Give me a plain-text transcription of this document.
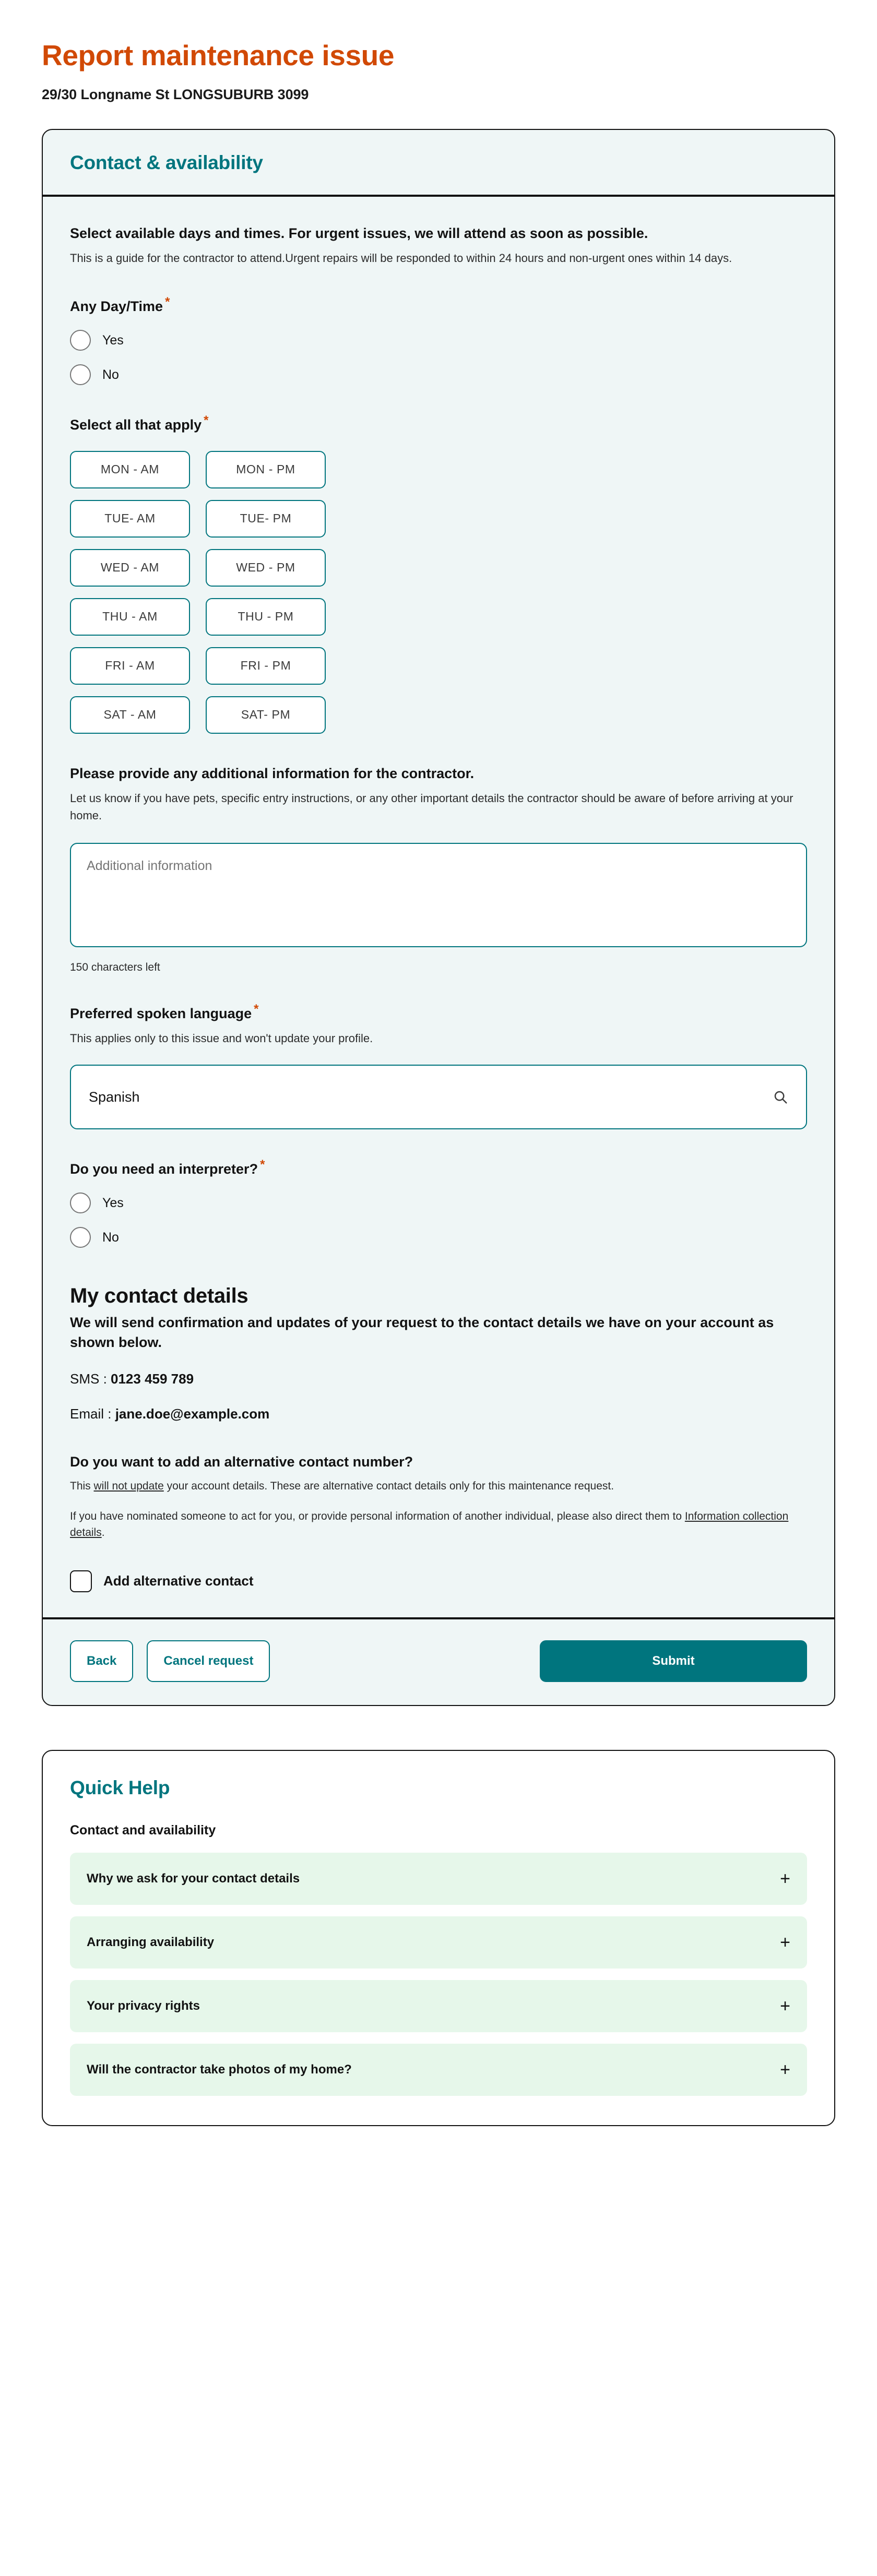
Report maintenance issue
29/30 Longname St LONGSUBURB 3099
Contact & availability
Select available days and times. For urgent issues, we will attend as soon as possible.
This is a guide for the contractor to attend.Urgent repairs will be responded to within 24 hours and non-urgent ones within 14 days.
Any Day/Time *
Yes
No
Select all that apply *
MON - AM	MON - PM
TUE- AM	TUE- PM
WED - AM	WED - PM
THU - AM	THU - PM
FRI - AM	FRI - PM
SAT - AM	SAT- PM
Please provide any additional information for the contractor.
Let us know if you have pets, specific entry instructions, or any other important details the contractor should be aware of before arriving at your home.
Additional information
150 characters left
Preferred spoken language *
This applies only to this issue and won't update your profile.
Spanish
Do you need an interpreter? *
Yes
No
My contact details
We will send confirmation and updates of your request to the contact details we have on your account as shown below.
SMS : 0123 459 789
Email : jane.doe@example.com
Do you want to add an alternative contact number?
This will not update your account details. These are alternative contact details only for this maintenance request.
If you have nominated someone to act for you, or provide personal information of another individual, please also direct them to Information collection details.
Add alternative contact
Back	Cancel request	Submit
Quick Help
Contact and availability
Why we ask for your contact details	+
Arranging availability	+
Your privacy rights	+
Will the contractor take photos of my home?	+
